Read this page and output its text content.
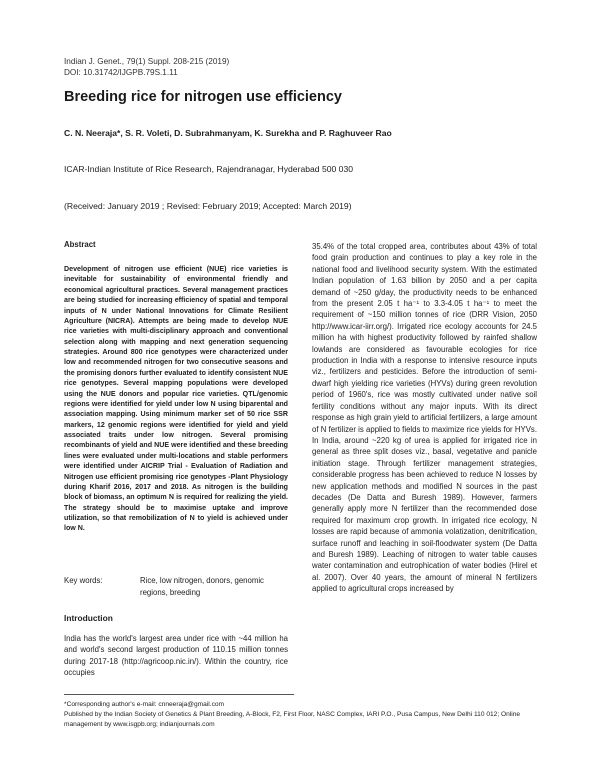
Indian J. Genet., 79(1) Suppl. 208-215 (2019)
DOI: 10.31742/IJGPB.79S.1.11
Breeding rice for nitrogen use efficiency
C. N. Neeraja*, S. R. Voleti, D. Subrahmanyam, K. Surekha and P. Raghuveer Rao
ICAR-Indian Institute of Rice Research, Rajendranagar, Hyderabad 500 030
(Received: January 2019 ; Revised: February 2019; Accepted: March 2019)
Abstract
Development of nitrogen use efficient (NUE) rice varieties is inevitable for sustainability of environmental friendly and economical agricultural practices. Several management practices are being studied for increasing efficiency of spatial and temporal inputs of N under National Innovations for Climate Resilient Agriculture (NICRA). Attempts are being made to develop NUE rice varieties with multi-disciplinary approach and conventional selection along with mapping and next generation sequencing strategies. Around 800 rice genotypes were characterized under low and recommended nitrogen for two consecutive seasons and the promising donors further evaluated to identify consistent NUE rice genotypes. Several mapping populations were developed using the NUE donors and popular rice varieties. QTL/genomic regions were identified for yield under low N using biparental and association mapping. Using minimum marker set of 50 rice SSR markers, 12 genomic regions were identified for yield and yield associated traits under low nitrogen. Several promising recombinants of yield and NUE were identified and these breeding lines were evaluated under multi-locations and stable performers were identified under AICRIP Trial - Evaluation of Radiation and Nitrogen use efficient promising rice genotypes -Plant Physiology during Kharif 2016, 2017 and 2018. As nitrogen is the building block of biomass, an optimum N is required for realizing the yield. The strategy should be to maximise uptake and improve utilization, so that remobilization of N to yield is achieved under low N.
Key words:	Rice, low nitrogen, donors, genomic regions, breeding
Introduction
India has the world's largest area under rice with ~44 million ha and world's second largest production of 110.15 million tonnes during 2017-18 (http://agricoop.nic.in/). Within the country, rice occupies
35.4% of the total cropped area, contributes about 43% of total food grain production and continues to play a key role in the national food and livelihood security system. With the estimated Indian population of 1.63 billion by 2050 and a per capita demand of ~250 g/day, the productivity needs to be enhanced from the present 2.05 t ha⁻¹ to 3.3-4.05 t ha⁻¹ to meet the requirement of ~150 million tonnes of rice (DRR Vision, 2050 http://www.icar-iirr.org/). Irrigated rice ecology accounts for 24.5 million ha with highest productivity followed by rainfed shallow lowlands are considered as favourable ecologies for rice production in India with a response to intensive resource inputs viz., fertilizers and pesticides. Before the introduction of semi-dwarf high yielding rice varieties (HYVs) during green revolution period of 1960's, rice was mostly cultivated under native soil fertility conditions without any major inputs. With its direct response as high grain yield to artificial fertilizers, a large amount of N fertilizer is applied to fields to maximize rice yields for HYVs. In India, around ~220 kg of urea is applied for irrigated rice in general as three split doses viz., basal, vegetative and panicle initiation stage. Through fertilizer management strategies, considerable progress has been achieved to reduce N losses by new application methods and modified N sources in the past decades (De Datta and Buresh 1989). However, farmers generally apply more N fertilizer than the recommended dose required for maximum crop growth. In irrigated rice ecology, N losses are rapid because of ammonia volatization, denitrification, surface runoff and leaching in soil-floodwater system (De Datta and Buresh 1989). Leaching of nitrogen to water table causes water contamination and eutrophication of water bodies (Hirel et al. 2007). Over 40 years, the amount of mineral N fertilizers applied to agricultural crops increased by

*Corresponding author's e-mail: cnneeraja@gmail.com

Published by the Indian Society of Genetics & Plant Breeding, A-Block, F2, First Floor, NASC Complex, IARI P.O., Pusa Campus, New Delhi 110 012; Online management by www.isgpb.org; indianjournals.com
